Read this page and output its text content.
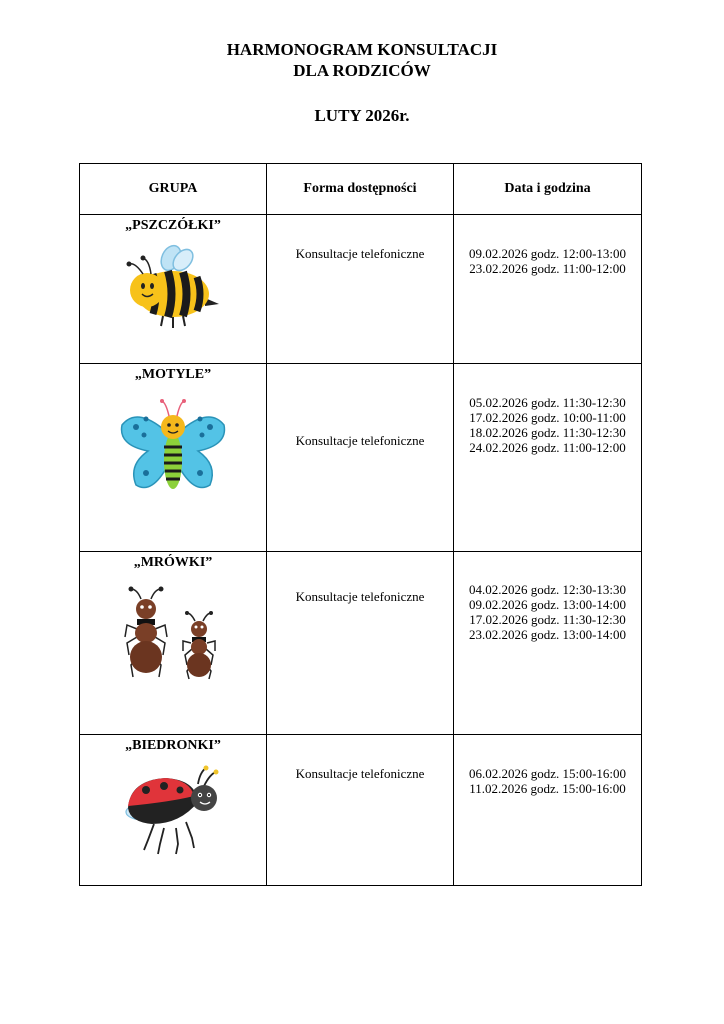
HARMONOGRAM KONSULTACJI
DLA RODZICÓW
LUTY 2026r.
GRUPA	Forma dostępności	Data i godzina

„PSZCZÓŁKI”	Konsultacje telefoniczne	09.02.2026 godz. 12:00-13:00
23.02.2026 godz. 11:00-12:00

„MOTYLE”	Konsultacje telefoniczne	05.02.2026 godz. 11:30-12:30
17.02.2026 godz. 10:00-11:00
18.02.2026 godz. 11:30-12:30
24.02.2026 godz. 11:00-12:00

„MRÓWKI”	Konsultacje telefoniczne	04.02.2026 godz. 12:30-13:30
09.02.2026 godz. 13:00-14:00
17.02.2026 godz. 11:30-12:30
23.02.2026 godz. 13:00-14:00

„BIEDRONKI”	Konsultacje telefoniczne	06.02.2026 godz. 15:00-16:00
11.02.2026 godz. 15:00-16:00
